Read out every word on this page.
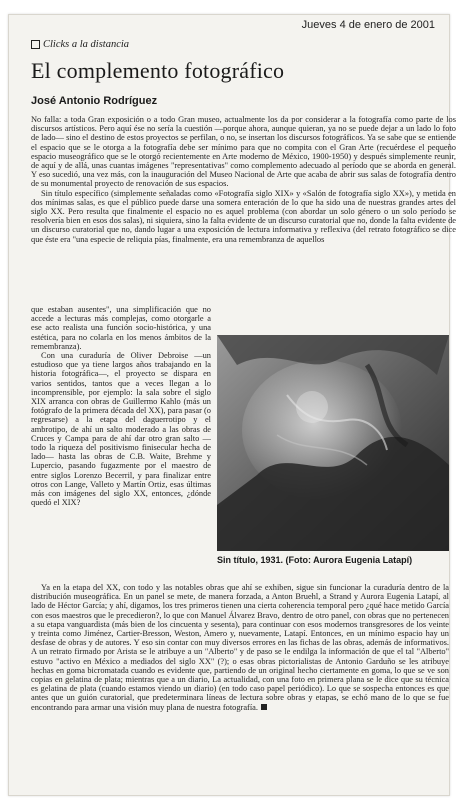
Jueves 4 de enero de 2001
Clicks a la distancia
El complemento fotográfico
José Antonio Rodríguez

No falla: a toda Gran exposición o a todo Gran museo, actualmente los da por considerar a la fotografía como parte de los discursos artísticos. Pero aquí ése no sería la cuestión —porque ahora, aunque quieran, ya no se puede dejar a un lado lo foto de lado— sino el destino de estos proyectos se perfilan, o no, se insertan los discursos fotográficos. Ya se sabe que se entiende el espacio que se le otorga a la fotografía debe ser mínimo para que no compita con el Gran Arte (recuérdese el pequeño espacio museográfico que se le otorgó recientemente en Arte moderno de México, 1900-1950) y después simplemente reunir, de aquí y de allá, unas cuantas imágenes "representativas" como complemento adecuado al período que se aborda en general. Y eso sucedió, una vez más, con la inauguración del Museo Nacional de Arte que acaba de abrir sus salas de fotografía dentro de su monumental proyecto de renovación de sus espacios.

Sin título específico (simplemente señaladas como «Fotografía siglo XIX» y «Salón de fotografía siglo XX»), y metida en dos mínimas salas, es que el público puede darse una somera enteración de lo que ha sido una de nuestras grandes artes del siglo XX. Pero resulta que finalmente el espacio no es aquel problema (con abordar un solo género o un solo período se resolvería bien en esos dos salas), ni siquiera, sino la falta evidente de un discurso curatorial que no, donde la falta evidente de un discurso curatorial que no, dando lugar a una exposición de lectura informativa y reflexiva (del retrato fotográfico se dice que éste era "una especie de reliquia pías, finalmente, era una remembranza de aquellos

que estaban ausentes", una simplificación que no accede a lecturas más complejas, como otorgarle a ese acto realista una función socio-histórica, y una estética, para no colarla en los menos ámbitos de la remembranza).

Con una curaduría de Oliver Debroise —un estudioso que ya tiene largos años trabajando en la historia fotográfica—, el proyecto se dispara en varios sentidos, tantos que a veces llegan a lo incomprensible, por ejemplo: la sala sobre el siglo XIX arranca con obras de Guillermo Kahlo (más un fotógrafo de la primera década del XX), para pasar (o regresarse) a la etapa del daguerrotipo y el ambrotipo, de ahí un salto moderado a las obras de Cruces y Campa para de ahí dar otro gran salto —todo la riqueza del positivismo finisecular hecha de lado— hasta las obras de C.B. Waite, Brehme y Lupercio, pasando fugazmente por el maestro de entre siglos Lorenzo Becerril, y para finalizar entre otros con Lange, Valleto y Martín Ortiz, esas últimas más con imágenes del siglo XX, entonces, ¿dónde quedó el XIX?

Sin título, 1931. (Foto: Aurora Eugenia Latapí)

Ya en la etapa del XX, con todo y las notables obras que ahí se exhiben, sigue sin funcionar la curaduría dentro de la distribución museográfica. En un panel se mete, de manera forzada, a Anton Bruehl, a Strand y Aurora Eugenia Latapí, al lado de Héctor García; y ahí, digamos, los tres primeros tienen una cierta coherencia temporal pero ¿qué hace metido García con esos maestros que le precedieron?, lo que con Manuel Álvarez Bravo, dentro de otro panel, con obras que no pertenecen a su etapa vanguardista (más bien de los cincuenta y sesenta), para continuar con esos modernos transgresores de los veinte y treinta como Jiménez, Cartier-Bresson, Weston, Amero y, nuevamente, Latapí. Entonces, en un mínimo espacio hay un desfase de obras y de autores. Y eso sin contar con muy diversos errores en las fichas de las obras, además de informativos. A un retrato firmado por Arista se le atribuye a un "Alberto" y de paso se le endilga la información de que el tal "Alberto" estuvo "activo en México a mediados del siglo XX" (?); o esas obras pictorialistas de Antonio Garduño se les atribuye hechas en goma bicromatada cuando es evidente que, partiendo de un original hecho ciertamente en goma, lo que se ve son copias en gelatina de plata; mientras que a un diario, La actualidad, con una foto en primera plana se le dice que su técnica es gelatina de plata (cuando estamos viendo un diario) (en todo caso papel periódico). Lo que se sospecha entonces es que antes que un guión curatorial, que predeterminara líneas de lectura sobre obras y etapas, se echó mano de lo que se fue encontrando para armar una visión muy plana de nuestra fotografía.
